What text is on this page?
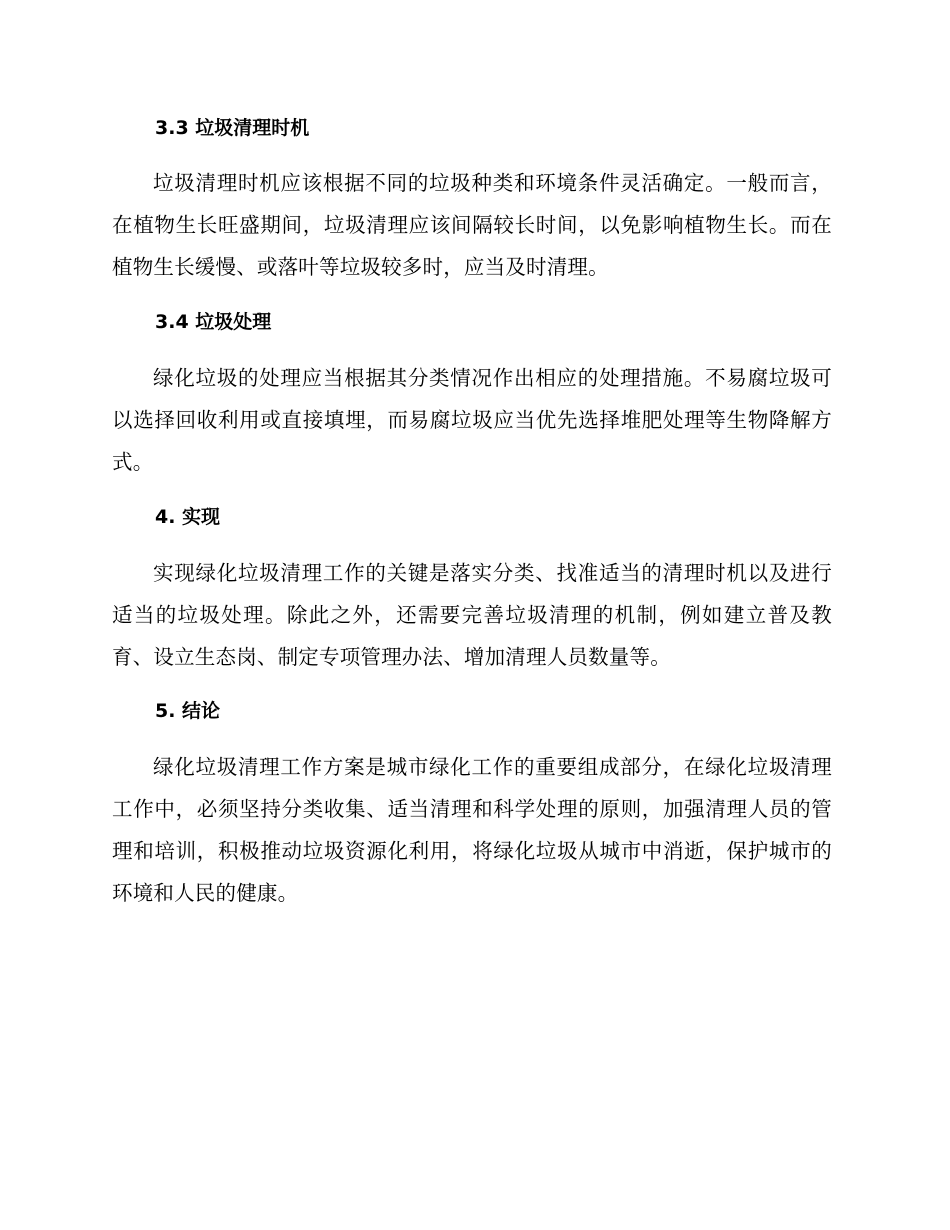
3.3 垃圾清理时机
垃圾清理时机应该根据不同的垃圾种类和环境条件灵活确定。一般而言，在植物生长旺盛期间，垃圾清理应该间隔较长时间，以免影响植物生长。而在植物生长缓慢、或落叶等垃圾较多时，应当及时清理。
3.4 垃圾处理
绿化垃圾的处理应当根据其分类情况作出相应的处理措施。不易腐垃圾可以选择回收利用或直接填埋，而易腐垃圾应当优先选择堆肥处理等生物降解方式。
4. 实现
实现绿化垃圾清理工作的关键是落实分类、找准适当的清理时机以及进行适当的垃圾处理。除此之外，还需要完善垃圾清理的机制，例如建立普及教育、设立生态岗、制定专项管理办法、增加清理人员数量等。
5. 结论
绿化垃圾清理工作方案是城市绿化工作的重要组成部分，在绿化垃圾清理工作中，必须坚持分类收集、适当清理和科学处理的原则，加强清理人员的管理和培训，积极推动垃圾资源化利用，将绿化垃圾从城市中消逝，保护城市的环境和人民的健康。
